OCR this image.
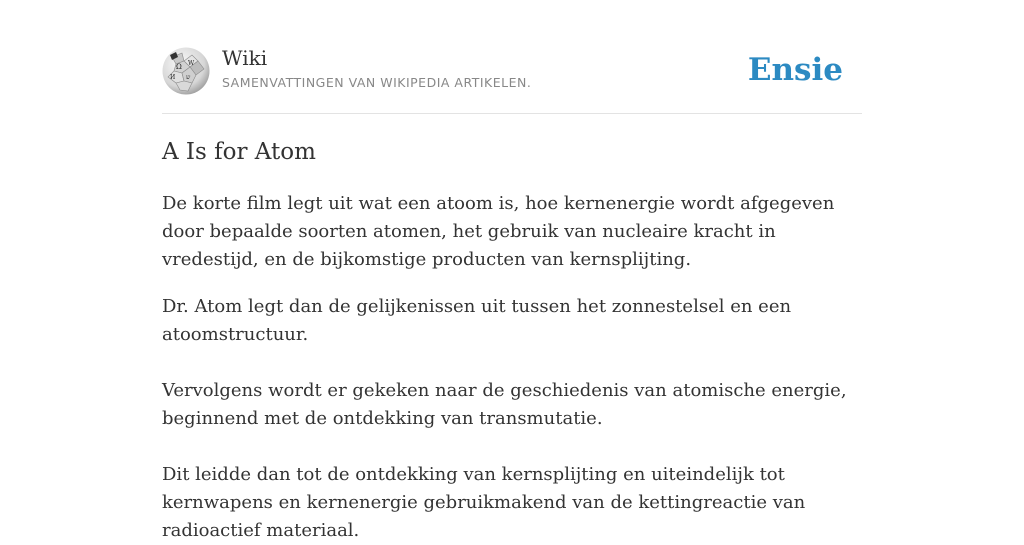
Ω W
И ש
Wiki
SAMENVATTINGEN VAN WIKIPEDIA ARTIKELEN.	Ensie
A Is for Atom

De korte film legt uit wat een atoom is, hoe kernenergie wordt afgegeven door bepaalde soorten atomen, het gebruik van nucleaire kracht in vredestijd, en de bijkomstige producten van kernsplijting.

Dr. Atom legt dan de gelijkenissen uit tussen het zonnestelsel en een atoomstructuur.

Vervolgens wordt er gekeken naar de geschiedenis van atomische energie, beginnend met de ontdekking van transmutatie.

Dit leidde dan tot de ontdekking van kernsplijting en uiteindelijk tot kernwapens en kernenergie gebruikmakend van de kettingreactie van radioactief materiaal.
